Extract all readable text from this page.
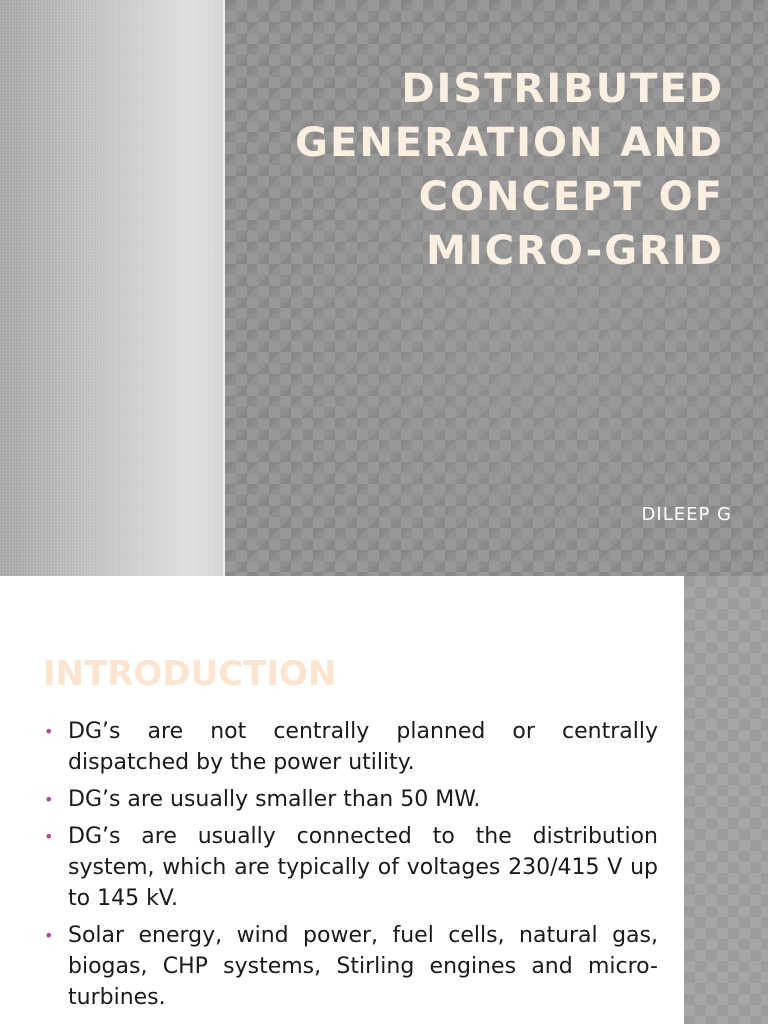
DISTRIBUTED GENERATION AND CONCEPT OF MICRO-GRID
DILEEP G
INTRODUCTION
• DG’s are not centrally planned or centrally dispatched by the power utility.
• DG’s are usually smaller than 50 MW.
• DG’s are usually connected to the distribution system, which are typically of voltages 230/415 V up to 145 kV.
• Solar energy, wind power, fuel cells, natural gas, biogas, CHP systems, Stirling engines and micro-turbines.
